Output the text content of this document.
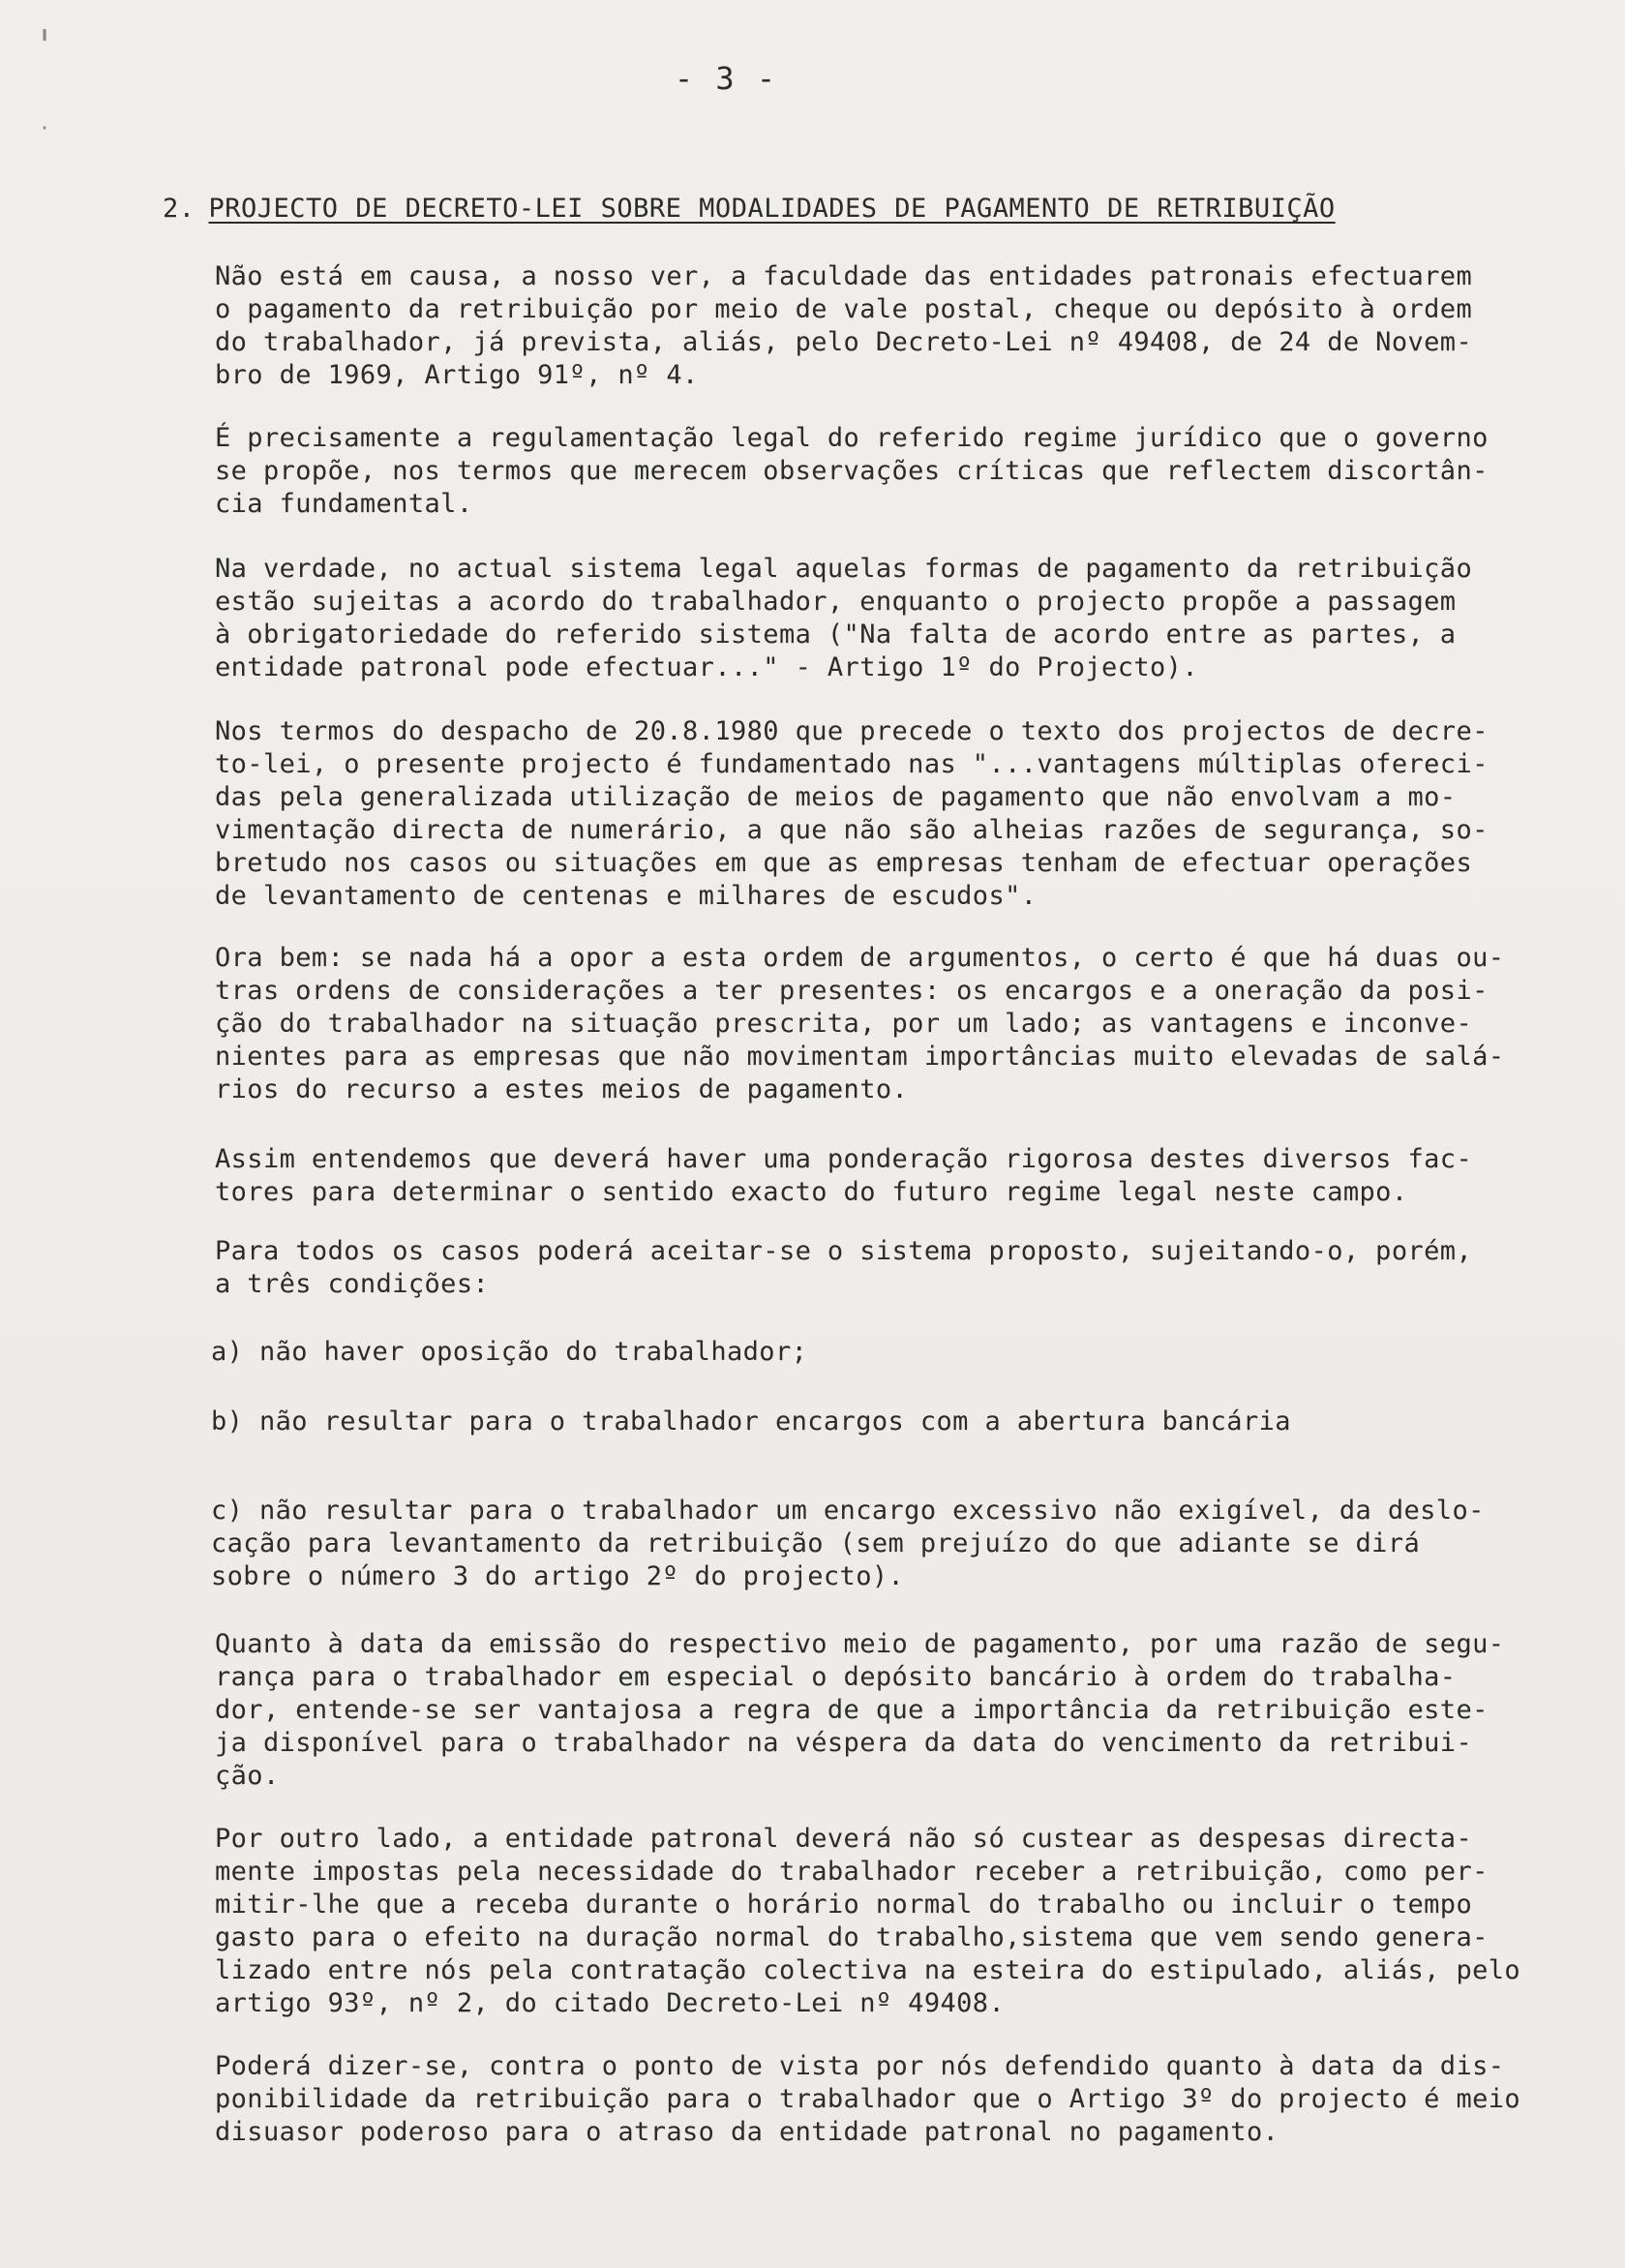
╹
·
- 3 -
2. PROJECTO DE DECRETO-LEI SOBRE MODALIDADES DE PAGAMENTO DE RETRIBUIÇÃO

Não está em causa, a nosso ver, a faculdade das entidades patronais efectuarem
o pagamento da retribuição por meio de vale postal, cheque ou depósito à ordem
do trabalhador, já prevista, aliás, pelo Decreto-Lei nº 49408, de 24 de Novem-
bro de 1969, Artigo 91º, nº 4.

É precisamente a regulamentação legal do referido regime jurídico que o governo
se propõe, nos termos que merecem observações críticas que reflectem discortân-
cia fundamental.

Na verdade, no actual sistema legal aquelas formas de pagamento da retribuição
estão sujeitas a acordo do trabalhador, enquanto o projecto propõe a passagem
à obrigatoriedade do referido sistema ("Na falta de acordo entre as partes, a
entidade patronal pode efectuar..." - Artigo 1º do Projecto).

Nos termos do despacho de 20.8.1980 que precede o texto dos projectos de decre-
to-lei, o presente projecto é fundamentado nas "...vantagens múltiplas ofereci-
das pela generalizada utilização de meios de pagamento que não envolvam a mo-
vimentação directa de numerário, a que não são alheias razões de segurança, so-
bretudo nos casos ou situações em que as empresas tenham de efectuar operações
de levantamento de centenas e milhares de escudos".

Ora bem: se nada há a opor a esta ordem de argumentos, o certo é que há duas ou-
tras ordens de considerações a ter presentes: os encargos e a oneração da posi-
ção do trabalhador na situação prescrita, por um lado; as vantagens e inconve-
nientes para as empresas que não movimentam importâncias muito elevadas de salá-
rios do recurso a estes meios de pagamento.

Assim entendemos que deverá haver uma ponderação rigorosa destes diversos fac-
tores para determinar o sentido exacto do futuro regime legal neste campo.

Para todos os casos poderá aceitar-se o sistema proposto, sujeitando-o, porém,
a três condições:

a) não haver oposição do trabalhador;

b) não resultar para o trabalhador encargos com a abertura bancária

c) não resultar para o trabalhador um encargo excessivo não exigível, da deslo-
cação para levantamento da retribuição (sem prejuízo do que adiante se dirá
sobre o número 3 do artigo 2º do projecto).

Quanto à data da emissão do respectivo meio de pagamento, por uma razão de segu-
rança para o trabalhador em especial o depósito bancário à ordem do trabalha-
dor, entende-se ser vantajosa a regra de que a importância da retribuição este-
ja disponível para o trabalhador na véspera da data do vencimento da retribui-
ção.

Por outro lado, a entidade patronal deverá não só custear as despesas directa-
mente impostas pela necessidade do trabalhador receber a retribuição, como per-
mitir-lhe que a receba durante o horário normal do trabalho ou incluir o tempo
gasto para o efeito na duração normal do trabalho,sistema que vem sendo genera-
lizado entre nós pela contratação colectiva na esteira do estipulado, aliás, pelo
artigo 93º, nº 2, do citado Decreto-Lei nº 49408.

Poderá dizer-se, contra o ponto de vista por nós defendido quanto à data da dis-
ponibilidade da retribuição para o trabalhador que o Artigo 3º do projecto é meio
disuasor poderoso para o atraso da entidade patronal no pagamento.
